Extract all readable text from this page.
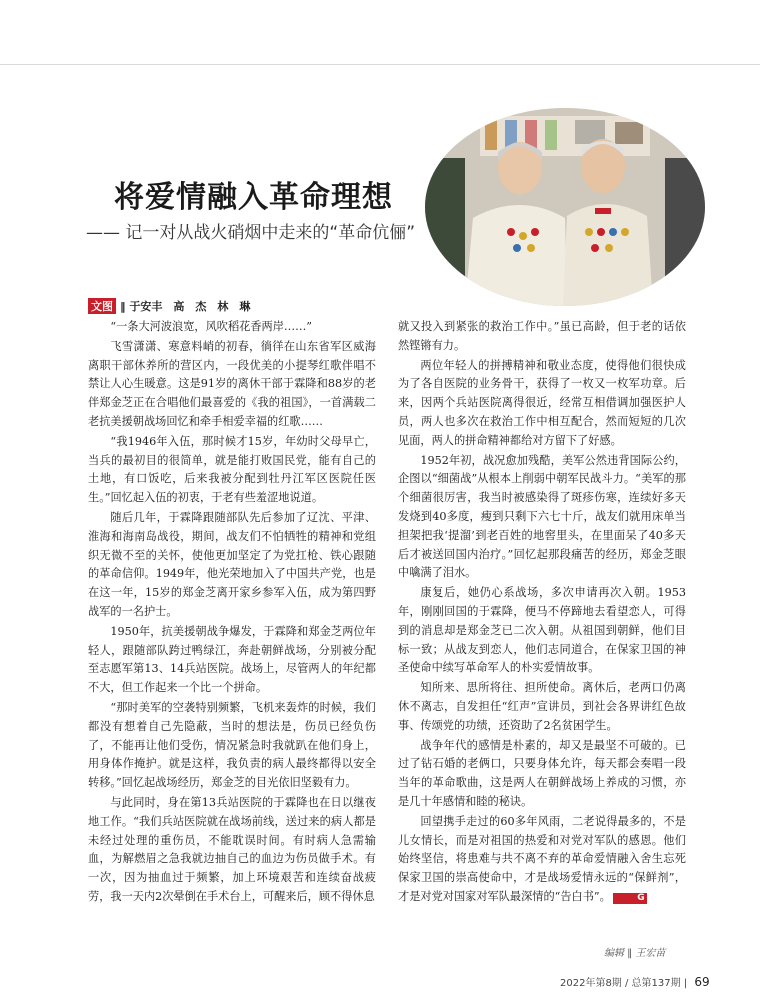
将爱情融入革命理想
—— 记一对从战火硝烟中走来的“革命伉俪”
文图 ‖ 于安丰　高　杰　林　琳

“一条大河波浪宽，风吹稻花香两岸……”

飞雪潇潇、寒意料峭的初春，徜徉在山东省军区威海离职干部休养所的营区内，一段优美的小提琴红歌伴唱不禁让人心生暖意。这是91岁的离休干部于霖降和88岁的老伴郑金芝正在合唱他们最喜爱的《我的祖国》，一首满载二老抗美援朝战场回忆和牵手相爱幸福的红歌……

“我1946年入伍，那时候才15岁，年幼时父母早亡，当兵的最初目的很简单，就是能打败国民党，能有自己的土地，有口饭吃，后来我被分配到牡丹江军区医院任医生。”回忆起入伍的初衷，于老有些羞涩地说道。

随后几年，于霖降跟随部队先后参加了辽沈、平津、淮海和海南岛战役，期间，战友们不怕牺牲的精神和党组织无微不至的关怀，使他更加坚定了为党扛枪、铁心跟随的革命信仰。1949年，他光荣地加入了中国共产党，也是在这一年，15岁的郑金芝离开家乡参军入伍，成为第四野战军的一名护士。

1950年，抗美援朝战争爆发，于霖降和郑金芝两位年轻人，跟随部队跨过鸭绿江，奔赴朝鲜战场，分别被分配至志愿军第13、14兵站医院。战场上，尽管两人的年纪都不大，但工作起来一个比一个拼命。

“那时美军的空袭特别频繁，飞机来轰炸的时候，我们都没有想着自己先隐蔽，当时的想法是，伤员已经负伤了，不能再让他们受伤，情况紧急时我就趴在他们身上，用身体作掩护。就是这样，我负责的病人最终都得以安全转移。”回忆起战场经历，郑金芝的目光依旧坚毅有力。

与此同时，身在第13兵站医院的于霖降也在日以继夜地工作。“我们兵站医院就在战场前线，送过来的病人都是未经过处理的重伤员，不能耽误时间。有时病人急需输血，为解燃眉之急我就边抽自己的血边为伤员做手术。有一次，因为抽血过于频繁，加上环境艰苦和连续奋战疲劳，我一天内2次晕倒在手术台上，可醒来后，顾不得休息

就又投入到紧张的救治工作中。”虽已高龄，但于老的话依然铿锵有力。

两位年轻人的拼搏精神和敬业态度，使得他们很快成为了各自医院的业务骨干，获得了一枚又一枚军功章。后来，因两个兵站医院离得很近，经常互相借调加强医护人员，两人也多次在救治工作中相互配合，然而短短的几次见面，两人的拼命精神都给对方留下了好感。

1952年初，战况愈加残酷，美军公然违背国际公约，企图以“细菌战”从根本上削弱中朝军民战斗力。“美军的那个细菌很厉害，我当时被感染得了斑疹伤寒，连续好多天发烧到40多度，瘦到只剩下六七十斤，战友们就用床单当担架把我‘提溜’到老百姓的地窖里头，在里面呆了40多天后才被送回国内治疗。”回忆起那段痛苦的经历，郑金芝眼中噙满了泪水。

康复后，她仍心系战场，多次申请再次入朝。1953年，刚刚回国的于霖降，便马不停蹄地去看望恋人，可得到的消息却是郑金芝已二次入朝。从祖国到朝鲜，他们目标一致；从战友到恋人，他们志同道合，在保家卫国的神圣使命中续写革命军人的朴实爱情故事。

知所来、思所将往、担所使命。离休后，老两口仍离休不离志，自发担任“红声”宣讲员，到社会各界讲红色故事、传颂党的功绩，还资助了2名贫困学生。

战争年代的感情是朴素的，却又是最坚不可破的。已过了钻石婚的老俩口，只要身体允许，每天都会奏唱一段当年的革命歌曲，这是两人在朝鲜战场上养成的习惯，亦是几十年感情和睦的秘诀。

回望携手走过的60多年风雨，二老说得最多的，不是儿女情长，而是对祖国的热爱和对党对军队的感恩。他们始终坚信，将患难与共不离不弃的革命爱情融入舍生忘死保家卫国的崇高使命中，才是战场爱情永远的“保鲜剂”，才是对党对国家对军队最深情的“告白书”。	G

编辑 ‖ 王宏苗
2022年第8期 / 总第137期 | 69
